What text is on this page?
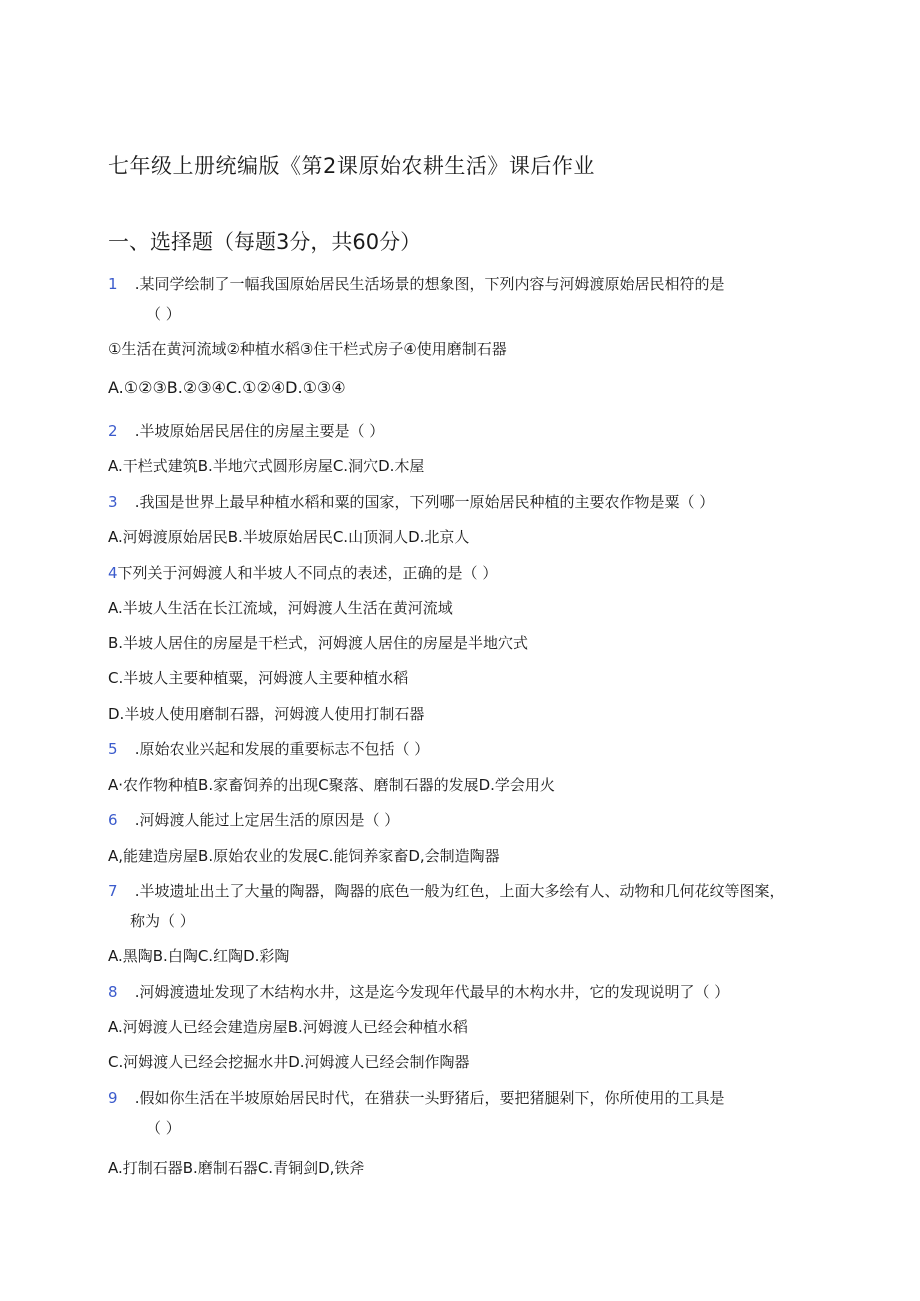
七年级上册统编版《第2课原始农耕生活》课后作业
一、选择题（每题3分，共60分）
1 .某同学绘制了一幅我国原始居民生活场景的想象图，下列内容与河姆渡原始居民相符的是
（ ）
①生活在黄河流域②种植水稻③住干栏式房子④使用磨制石器
A.①②③B.②③④C.①②④D.①③④
2 .半坡原始居民居住的房屋主要是（ ）
A.干栏式建筑B.半地穴式圆形房屋C.洞穴D.木屋
3 .我国是世界上最早种植水稻和粟的国家，下列哪一原始居民种植的主要农作物是粟（ ）
A.河姆渡原始居民B.半坡原始居民C.山顶洞人D.北京人
4下列关于河姆渡人和半坡人不同点的表述，正确的是（ ）
A.半坡人生活在长江流域，河姆渡人生活在黄河流域
B.半坡人居住的房屋是干栏式，河姆渡人居住的房屋是半地穴式
C.半坡人主要种植粟，河姆渡人主要种植水稻
D.半坡人使用磨制石器，河姆渡人使用打制石器
5 .原始农业兴起和发展的重要标志不包括（ ）
A·农作物种植B.家畜饲养的出现C聚落、磨制石器的发展D.学会用火
6 .河姆渡人能过上定居生活的原因是（ ）
A,能建造房屋B.原始农业的发展C.能饲养家畜D,会制造陶器
7 .半坡遗址出土了大量的陶器，陶器的底色一般为红色，上面大多绘有人、动物和几何花纹等图案，
称为（ ）
A.黑陶B.白陶C.红陶D.彩陶
8 .河姆渡遗址发现了木结构水井，这是迄今发现年代最早的木构水井，它的发现说明了（ ）
A.河姆渡人已经会建造房屋B.河姆渡人已经会种植水稻
C.河姆渡人已经会挖掘水井D.河姆渡人已经会制作陶器
9 .假如你生活在半坡原始居民时代，在猎获一头野猪后，要把猪腿剁下，你所使用的工具是
（ ）
A.打制石器B.磨制石器C.青铜剑D,铁斧
